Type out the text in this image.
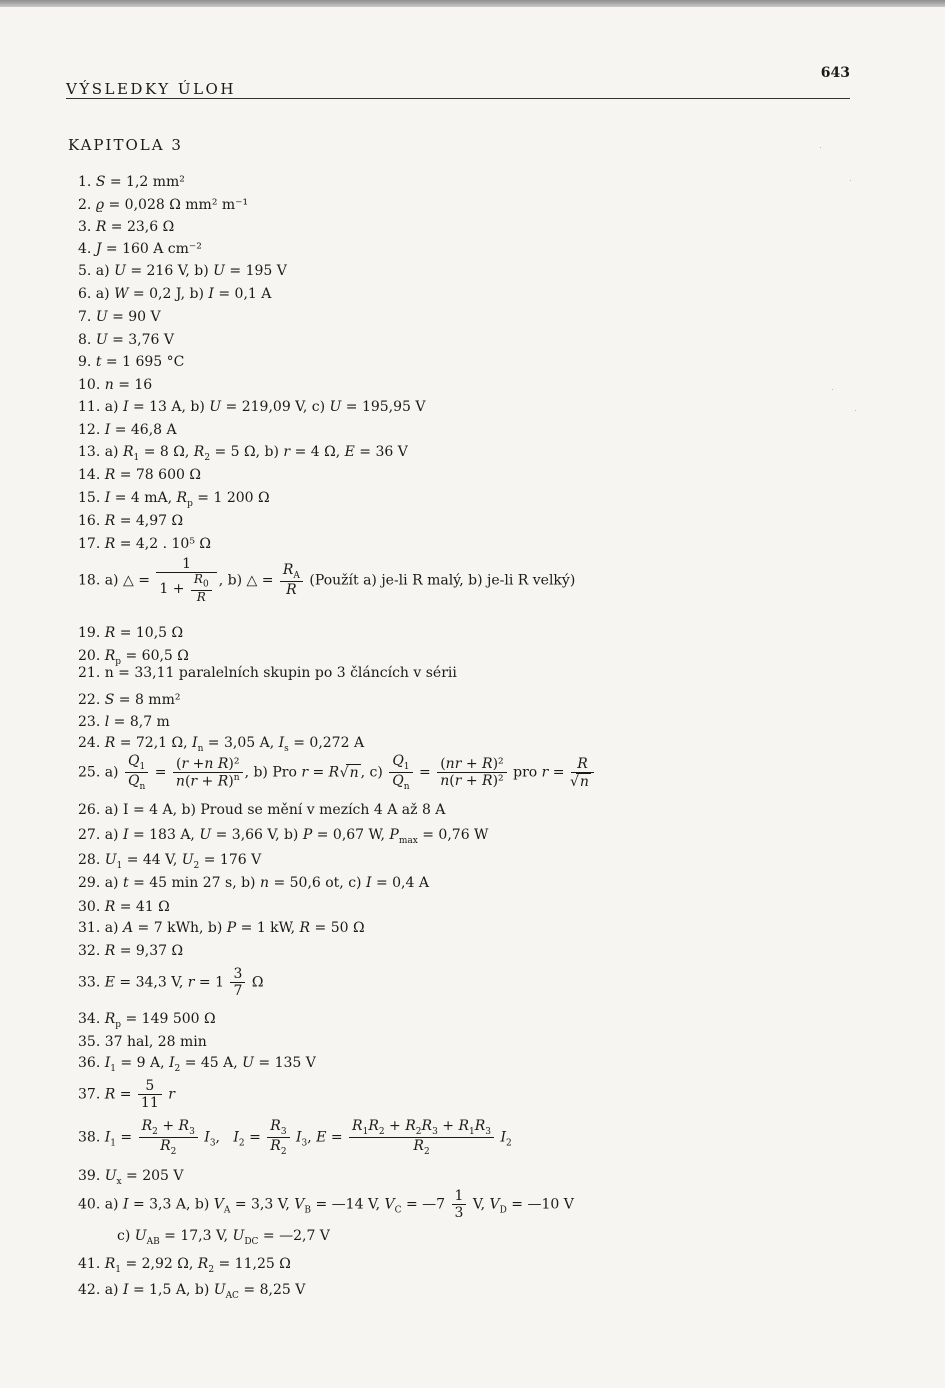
VÝSLEDKY ÚLOH
643
KAPITOLA 3
1. S = 1,2 mm²
2. ϱ = 0,028 Ω mm² m⁻¹
3. R = 23,6 Ω
4. J = 160 A cm⁻²
5. a) U = 216 V, b) U = 195 V
6. a) W = 0,2 J, b) I = 0,1 A
7. U = 90 V
8. U = 3,76 V
9. t = 1 695 °C
10. n = 16
11. a) I = 13 A, b) U = 219,09 V, c) U = 195,95 V
12. I = 46,8 A
13. a) $R_1 = 8$ Ω, $R_2 = 5$ Ω, b) r = 4 Ω, E = 36 V
14. R = 78 600 Ω
15. I = 4 mA, $R_p = 1$ 200 Ω
16. R = 4,97 Ω
17. R = 4,2 . 10⁵ Ω
18. a) △ = $\frac{1}{1 + \frac{R_0}{R}}$ , b) △ = $\frac{R_A}{R}$ (Použít a) je-li R malý, b) je-li R velký)
19. R = 10,5 Ω
20. $R_p = 60,5$ Ω
21. n = 33,11 paralelních skupin po 3 článcích v sérii
22. S = 8 mm²
23. l = 8,7 m
24. R = 72,1 Ω, $I_n = 3,05$ A, $I_s = 0,272$ A
25. $a) \frac{Q_1}{Q_n} = \frac{\text{(r +n R)²}}{n(r + R)^n}$ , b) Pro r = R √ n , $c) \frac{Q_1}{Q_n} = \frac{\text{(nr + R)²}}{\text{n(r + R)²}}$ pro r = R
√ n
26. a) I = 4 A, b) Proud se mění v mezích 4 A až 8 A
27. a) I = 183 A, U = 3,66 V, b) P = 0,67 W, $P_{max} = 0,76$ W
28. $U_1 = 44$ V, $U_2 = 176$ V
29. a) t = 45 min 27 s, b) n = 50,6 ot, c) I = 0,4 A
30. R = 41 Ω
31. a) A = 7 kWh, b) P = 1 kW, R = 50 Ω
32. R = 9,37 Ω
33. E = 34,3 V, $r = 1 \frac{3}{7}$ Ω
34. $R_p = 149$ 500 Ω
35. 37 hal, 28 min
36. $I_1 = 9$ A, $I_2 = 45$ A, U = 135 V
37. $R = \frac{5}{11}$ r
38. $I_1 = \frac{R_2 + R_3}{R_2} I_3$,   $I_2 = \frac{R_3}{R_2} I_3$, $E = \frac{R_1R_2 + R_2R_3 + R_1R_3}{R_2} I_2$
39. $U_x = 205$ V
40. a) I = 3,3 A, b) $V_A = 3,3$ V, $V_B$ = —14 V, $V_C$ = —7 $\frac{1}{3} V$, $V_D$ = —10 V
c) $U_{AB} = 17,3$ V, $U_{DC}$ = —2,7 V
41. $R_1 = 2,92$ Ω, $R_2 = 11,25$ Ω
42. a) I = 1,5 A, b) $U_{AC} = 8,25$ V
